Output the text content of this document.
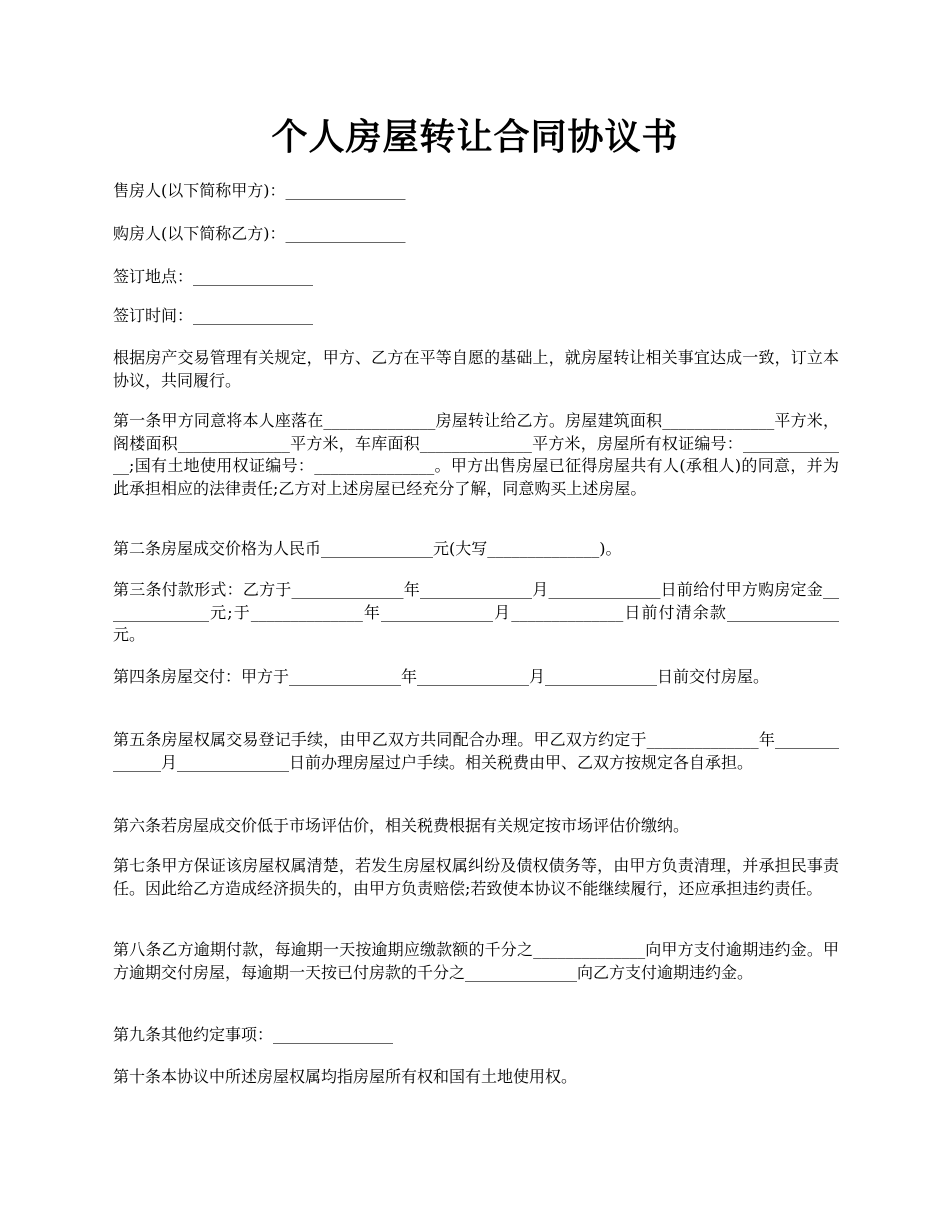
个人房屋转让合同协议书

售房人(以下简称甲方)：_______________

购房人(以下简称乙方)：_______________

签订地点：_______________

签订时间：_______________

根据房产交易管理有关规定，甲方、乙方在平等自愿的基础上，就房屋转让相关事宜达成一致，订立本协议，共同履行。

第一条甲方同意将本人座落在______________房屋转让给乙方。房屋建筑面积______________平方米，阁楼面积______________平方米，车库面积______________平方米，房屋所有权证编号：______________;国有土地使用权证编号：_______________。甲方出售房屋已征得房屋共有人(承租人)的同意，并为此承担相应的法律责任;乙方对上述房屋已经充分了解，同意购买上述房屋。

第二条房屋成交价格为人民币______________元(大写______________)。

第三条付款形式：乙方于______________年______________月______________日前给付甲方购房定金______________元;于______________年______________月______________日前付清余款______________元。

第四条房屋交付：甲方于______________年______________月______________日前交付房屋。

第五条房屋权属交易登记手续，由甲乙双方共同配合办理。甲乙双方约定于______________年______________月______________日前办理房屋过户手续。相关税费由甲、乙双方按规定各自承担。

第六条若房屋成交价低于市场评估价，相关税费根据有关规定按市场评估价缴纳。

第七条甲方保证该房屋权属清楚，若发生房屋权属纠纷及债权债务等，由甲方负责清理，并承担民事责任。因此给乙方造成经济损失的，由甲方负责赔偿;若致使本协议不能继续履行，还应承担违约责任。

第八条乙方逾期付款，每逾期一天按逾期应缴款额的千分之______________向甲方支付逾期违约金。甲方逾期交付房屋，每逾期一天按已付房款的千分之______________向乙方支付逾期违约金。

第九条其他约定事项：_______________

第十条本协议中所述房屋权属均指房屋所有权和国有土地使用权。
